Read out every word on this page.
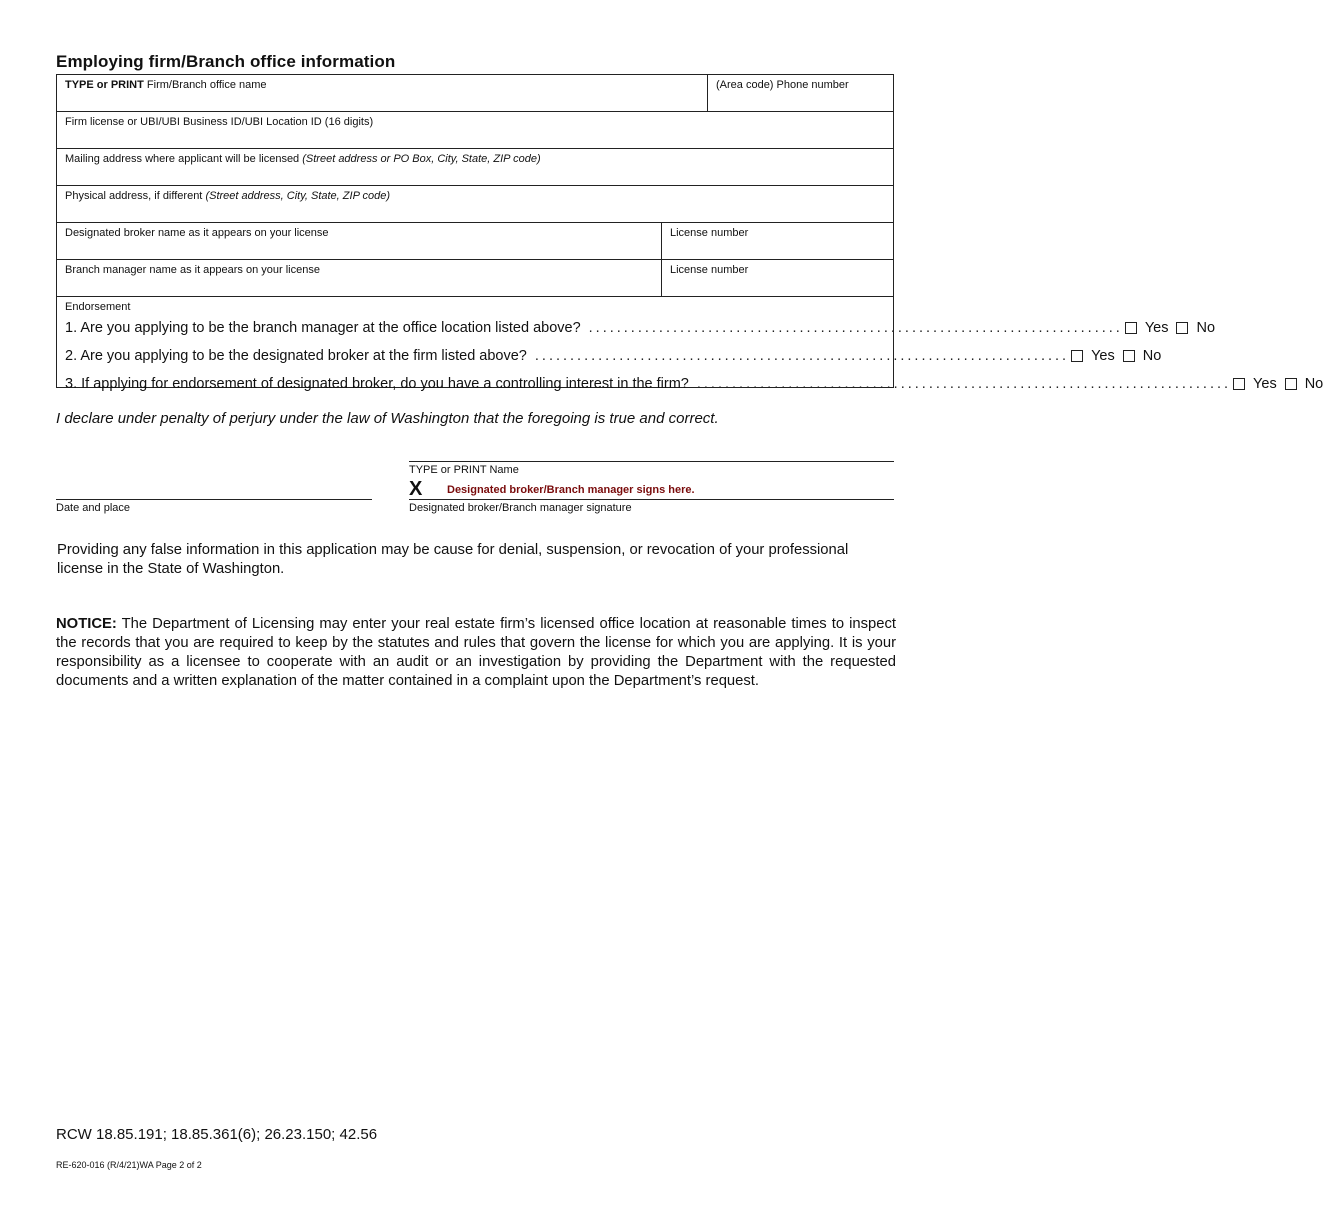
Employing firm/Branch office information
TYPE or PRINT Firm/Branch office name	(Area code) Phone number
Firm license or UBI/UBI Business ID/UBI Location ID (16 digits)
Mailing address where applicant will be licensed (Street address or PO Box, City, State, ZIP code)
Physical address, if different (Street address, City, State, ZIP code)
Designated broker name as it appears on your license	License number
Branch manager name as it appears on your license	License number
Endorsement
1. Are you applying to be the branch manager at the office location listed above? ............................................................................ Yes No
2. Are you applying to be the designated broker at the firm listed above? ............................................................................ Yes No
3. If applying for endorsement of designated broker, do you have a controlling interest in the firm? ............................................................................ Yes No
I declare under penalty of perjury under the law of Washington that the foregoing is true and correct.
TYPE or PRINT Name
X Designated broker/Branch manager signs here.
Date and place	Designated broker/Branch manager signature
Providing any false information in this application may be cause for denial, suspension, or revocation of your professional license in the State of Washington.
NOTICE: The Department of Licensing may enter your real estate firm’s licensed office location at reasonable times to inspect the records that you are required to keep by the statutes and rules that govern the license for which you are applying. It is your responsibility as a licensee to cooperate with an audit or an investigation by providing the Department with the requested documents and a written explanation of the matter contained in a complaint upon the Department’s request.
RCW 18.85.191; 18.85.361(6); 26.23.150; 42.56
RE-620-016 (R/4/21)WA Page 2 of 2
